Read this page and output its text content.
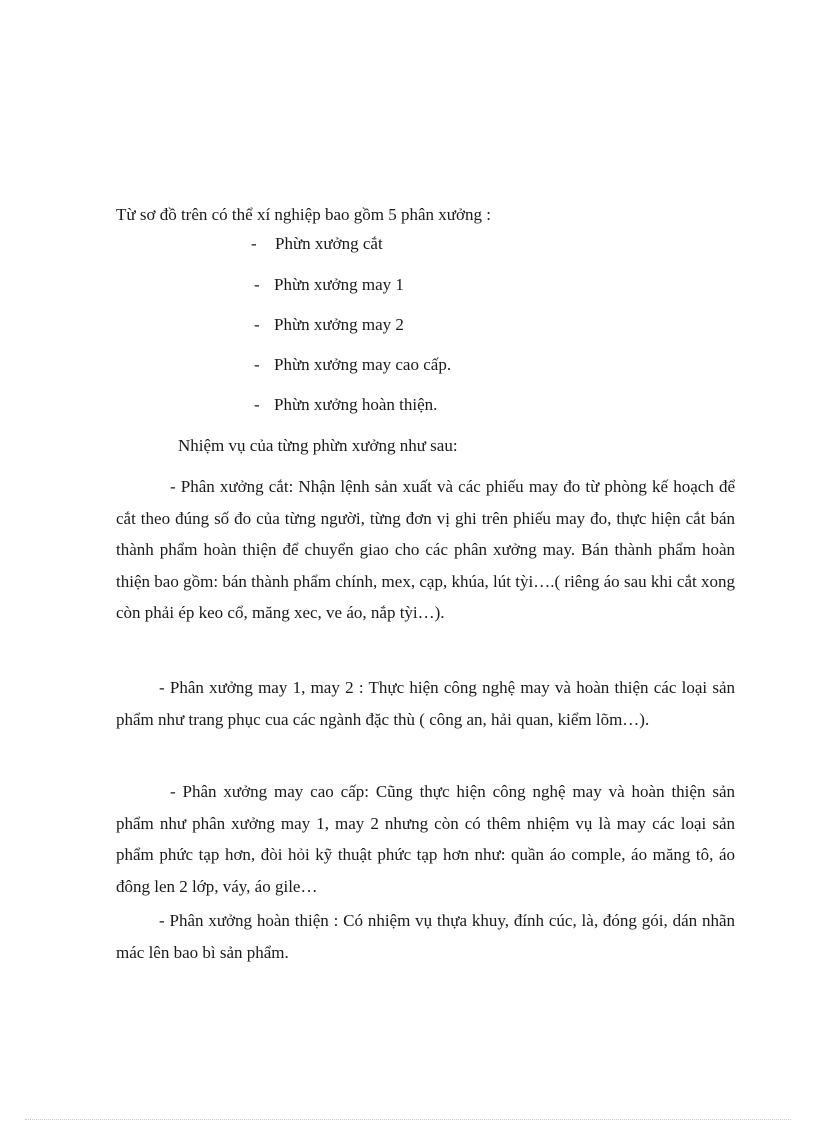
Từ sơ đồ trên có thể xí nghiệp bao gồm 5 phân xưởng :
- Phừn xưởng cắt
- Phừn xưởng may 1
- Phừn xưởng may 2
- Phừn xưởng may cao cấp.
- Phừn xưởng hoàn thiện.
Nhiệm vụ của từng phừn xưởng như sau:
- Phân xưởng cắt: Nhận lệnh sản xuất và các phiếu may đo từ phòng kế hoạch để cắt theo đúng số đo của từng người, từng đơn vị ghi trên phiếu may đo, thực hiện cắt bán thành phẩm hoàn thiện để chuyển giao cho các phân xưởng may. Bán thành phẩm hoàn thiện bao gồm: bán thành phẩm chính, mex, cạp, khúa, lút tỳi….( riêng áo sau khi cắt xong còn phải ép keo cổ, măng xec, ve áo, nắp tỳi…).
- Phân xưởng may 1, may 2 : Thực hiện công nghệ may và hoàn thiện các loại sản phẩm như trang phục cua các ngành đặc thù ( công an, hải quan, kiểm lõm…).
- Phân xưởng may cao cấp: Cũng thực hiện công nghệ may và hoàn thiện sản phẩm như phân xưởng may 1, may 2 nhưng còn có thêm nhiệm vụ là may các loại sản phẩm phức tạp hơn, đòi hỏi kỹ thuật phức tạp hơn như: quần áo comple, áo măng tô, áo đông len 2 lớp, váy, áo gile…
- Phân xưởng hoàn thiện : Có nhiệm vụ thựa khuy, đính cúc, là, đóng gói, dán nhãn mác lên bao bì sản phẩm.
